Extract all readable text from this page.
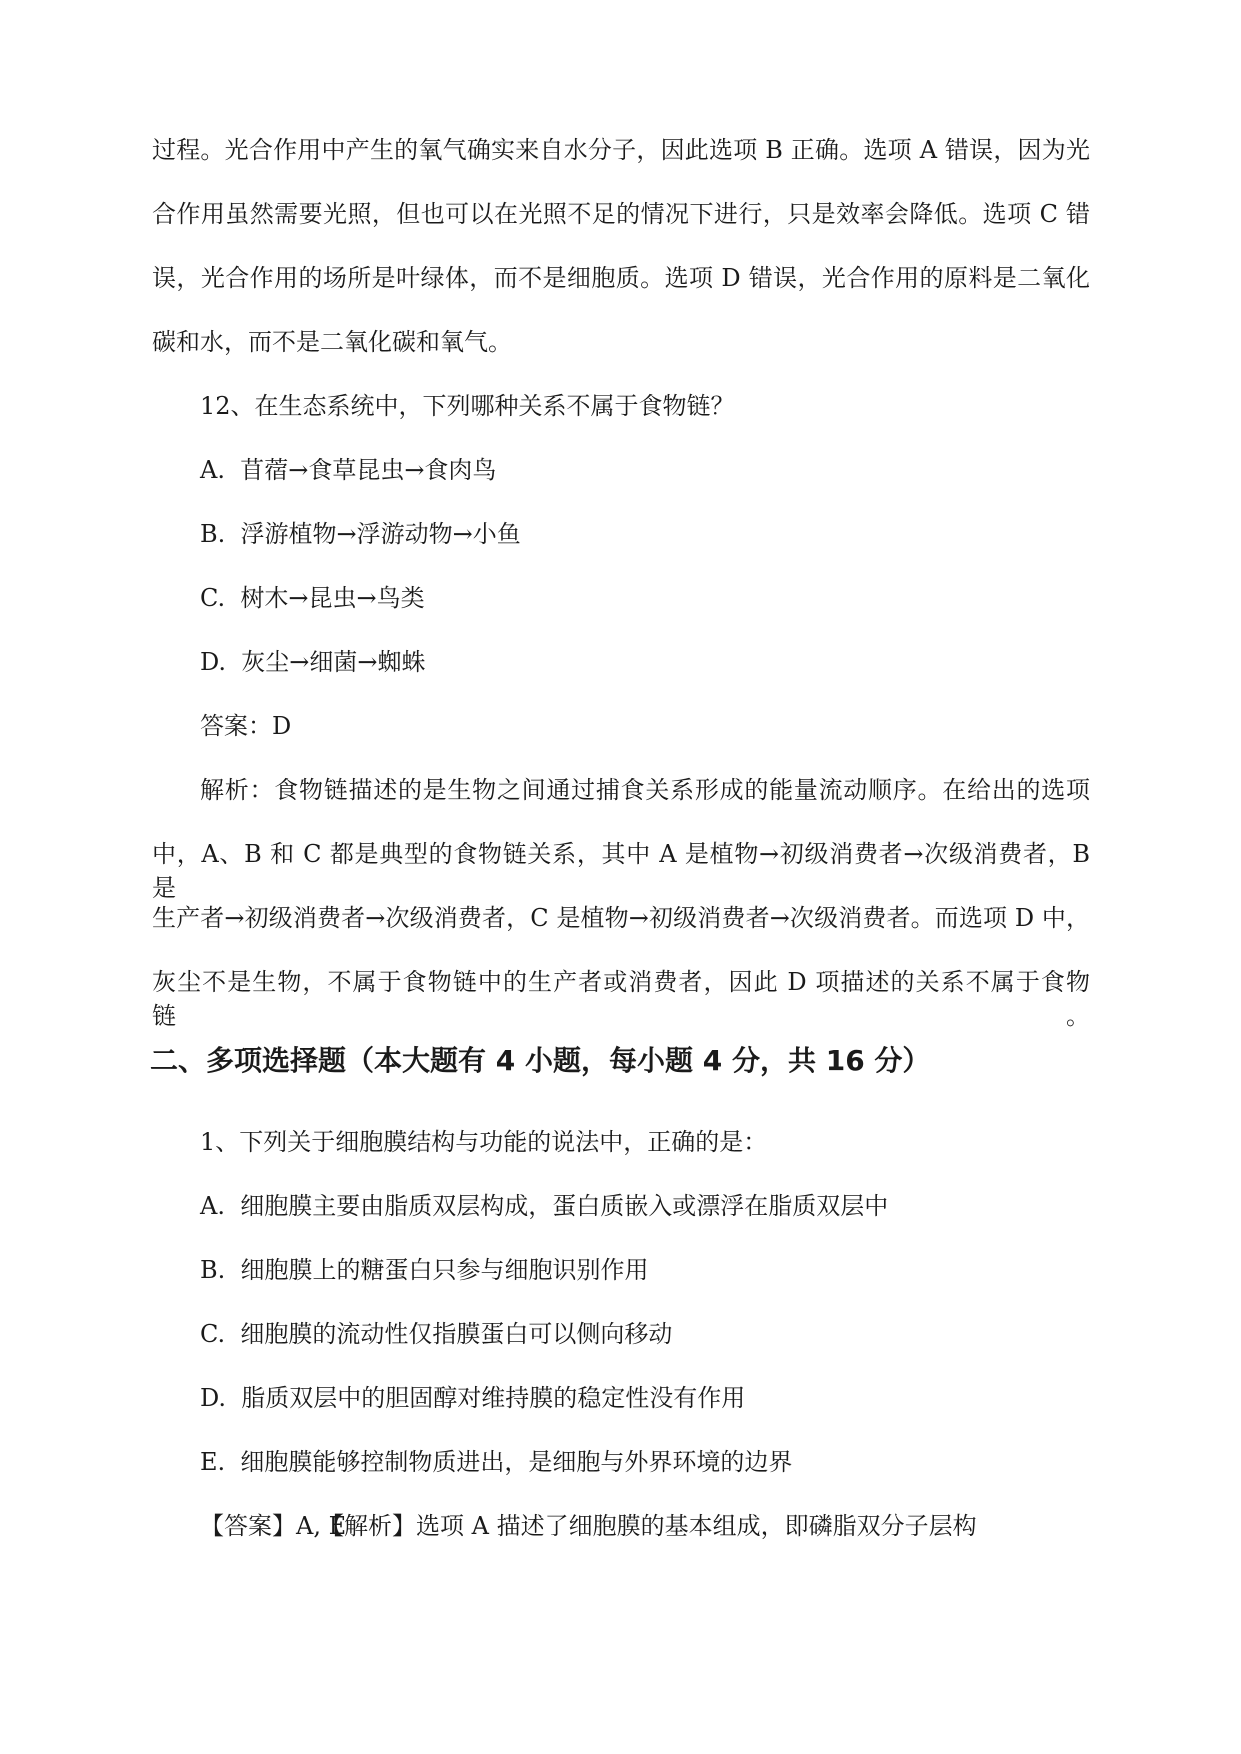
过程。光合作用中产生的氧气确实来自水分子，因此选项 B 正确。选项 A 错误，因为光

合作用虽然需要光照，但也可以在光照不足的情况下进行，只是效率会降低。选项 C 错

误，光合作用的场所是叶绿体，而不是细胞质。选项 D 错误，光合作用的原料是二氧化

碳和水，而不是二氧化碳和氧气。

12、在生态系统中，下列哪种关系不属于食物链？

A.  苜蓿→食草昆虫→食肉鸟

B.  浮游植物→浮游动物→小鱼

C.  树木→昆虫→鸟类

D.  灰尘→细菌→蜘蛛

答案：D

解析：食物链描述的是生物之间通过捕食关系形成的能量流动顺序。在给出的选项

中，A、B 和 C 都是典型的食物链关系，其中 A 是植物→初级消费者→次级消费者，B 是

生产者→初级消费者→次级消费者，C 是植物→初级消费者→次级消费者。而选项 D 中，

灰尘不是生物，不属于食物链中的生产者或消费者，因此 D 项描述的关系不属于食物链。

二、多项选择题（本大题有 4 小题，每小题 4 分，共 16 分）

1、下列关于细胞膜结构与功能的说法中，正确的是：

A.  细胞膜主要由脂质双层构成，蛋白质嵌入或漂浮在脂质双层中

B.  细胞膜上的糖蛋白只参与细胞识别作用

C.  细胞膜的流动性仅指膜蛋白可以侧向移动

D.  脂质双层中的胆固醇对维持膜的稳定性没有作用

E.  细胞膜能够控制物质进出，是细胞与外界环境的边界

【答案】A, E【解析】选项 A 描述了细胞膜的基本组成，即磷脂双分子层构
